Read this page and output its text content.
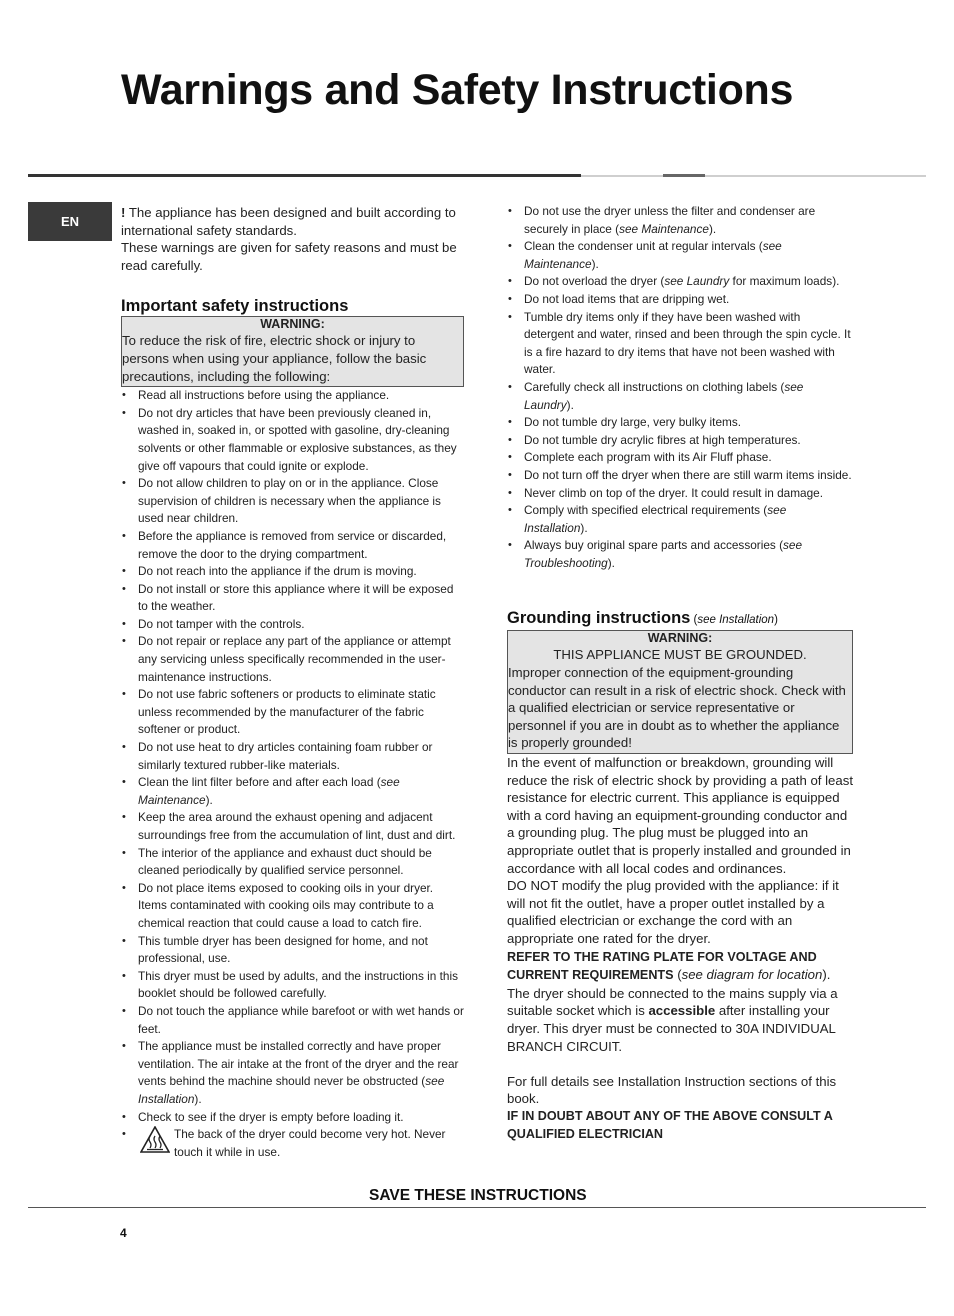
Warnings and Safety Instructions
EN

! The appliance has been designed and built according to international safety standards.
These warnings are given for safety reasons and must be read carefully.

Important safety instructions
WARNING:
To reduce the risk of fire, electric shock or injury to persons when using your appliance, follow the basic precautions, including the following:
• Read all instructions before using the appliance.
• Do not dry articles that have been previously cleaned in, washed in, soaked in, or spotted with gasoline, dry-cleaning solvents or other flammable or explosive substances, as they give off vapours that could ignite or explode.
• Do not allow children to play on or in the appliance. Close supervision of children is necessary when the appliance is used near children.
• Before the appliance is removed from service or discarded, remove the door to the drying compartment.
• Do not reach into the appliance if the drum is moving.
• Do not install or store this appliance where it will be exposed to the weather.
• Do not tamper with the controls.
• Do not repair or replace any part of the appliance or attempt any servicing unless specifically recommended in the user-maintenance instructions.
• Do not use fabric softeners or products to eliminate static unless recommended by the manufacturer of the fabric softener or product.
• Do not use heat to dry articles containing foam rubber or similarly textured rubber-like materials.
• Clean the lint filter before and after each load (see Maintenance).
• Keep the area around the exhaust opening and adjacent surroundings free from the accumulation of lint, dust and dirt.
• The interior of the appliance and exhaust duct should be cleaned periodically by qualified service personnel.
• Do not place items exposed to cooking oils in your dryer. Items contaminated with cooking oils may contribute to a chemical reaction that could cause a load to catch fire.
• This tumble dryer has been designed for home, and not professional, use.
• This dryer must be used by adults, and the instructions in this booklet should be followed carefully.
• Do not touch the appliance while barefoot or with wet hands or feet.
• The appliance must be installed correctly and have proper ventilation. The air intake at the front of the dryer and the rear vents behind the machine should never be obstructed (see Installation).
• Check to see if the dryer is empty before loading it.
• The back of the dryer could become very hot. Never touch it while in use.
• Do not use the dryer unless the filter and condenser are securely in place (see Maintenance).
• Clean the condenser unit at regular intervals (see Maintenance).
• Do not overload the dryer (see Laundry for maximum loads).
• Do not load items that are dripping wet.
• Tumble dry items only if they have been washed with detergent and water, rinsed and been through the spin cycle. It is a fire hazard to dry items that have not been washed with water.
• Carefully check all instructions on clothing labels (see Laundry).
• Do not tumble dry large, very bulky items.
• Do not tumble dry acrylic fibres at high temperatures.
• Complete each program with its Air Fluff phase.
• Do not turn off the dryer when there are still warm items inside.
• Never climb on top of the dryer. It could result in damage.
• Comply with specified electrical requirements (see Installation).
• Always buy original spare parts and accessories (see Troubleshooting).
Grounding instructions (see Installation)
WARNING:
THIS APPLIANCE MUST BE GROUNDED.
Improper connection of the equipment-grounding conductor can result in a risk of electric shock. Check with a qualified electrician or service representative or personnel if you are in doubt as to whether the appliance is properly grounded!

In the event of malfunction or breakdown, grounding will reduce the risk of electric shock by providing a path of least resistance for electric current. This appliance is equipped with a cord having an equipment-grounding conductor and a grounding plug. The plug must be plugged into an appropriate outlet that is properly installed and grounded in accordance with all local codes and ordinances.

DO NOT modify the plug provided with the appliance: if it will not fit the outlet, have a proper outlet installed by a qualified electrician or exchange the cord with an appropriate one rated for the dryer.

REFER TO THE RATING PLATE FOR VOLTAGE AND CURRENT REQUIREMENTS (see diagram for location).

The dryer should be connected to the mains supply via a suitable socket which is accessible after installing your dryer. This dryer must be connected to 30A INDIVIDUAL BRANCH CIRCUIT.

For full details see Installation Instruction sections of this book.

IF IN DOUBT ABOUT ANY OF THE ABOVE CONSULT A QUALIFIED ELECTRICIAN

SAVE THESE INSTRUCTIONS
4
